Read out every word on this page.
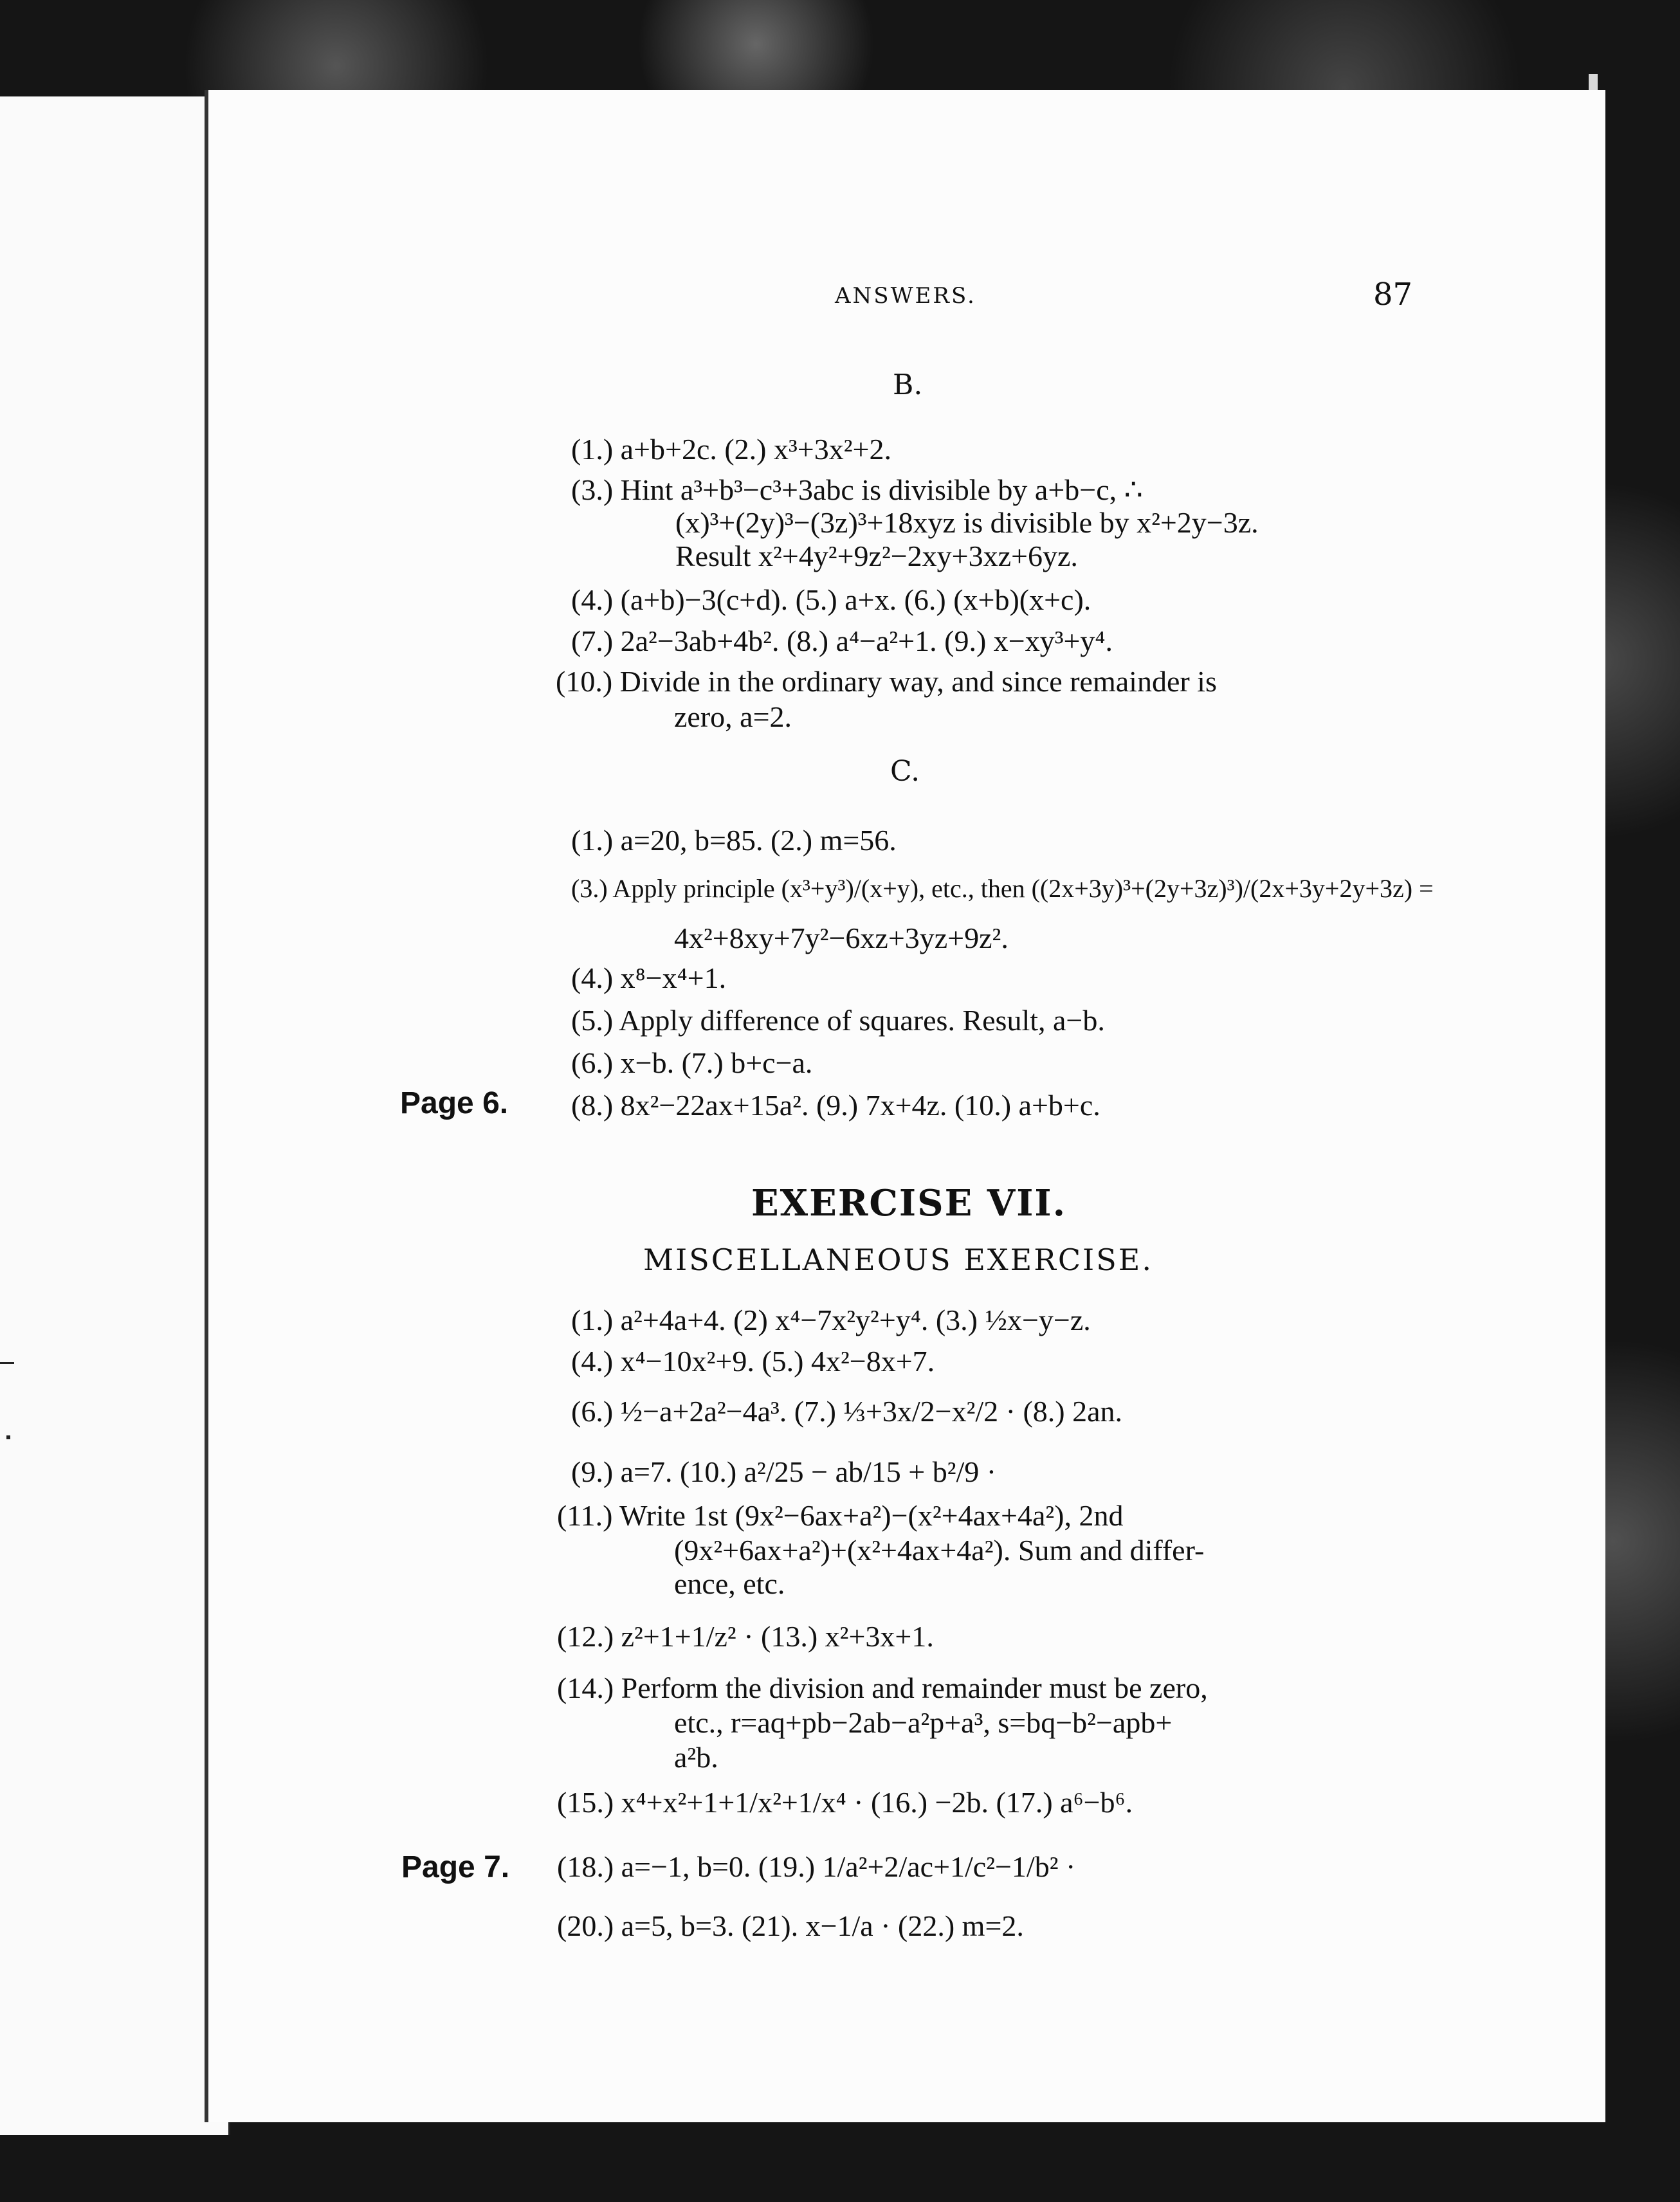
ANSWERS.	87
B.
(1.) a+b+2c. (2.) x³+3x²+2.
(3.) Hint a³+b³−c³+3abc is divisible by a+b−c, ∴
(x)³+(2y)³−(3z)³+18xyz is divisible by x²+2y−3z.
Result x²+4y²+9z²−2xy+3xz+6yz.
(4.) (a+b)−3(c+d). (5.) a+x. (6.) (x+b)(x+c).
(7.) 2a²−3ab+4b². (8.) a⁴−a²+1. (9.) x−xy³+y⁴.
(10.) Divide in the ordinary way, and since remainder is
zero, a=2.
C.
(1.) a=20, b=85. (2.) m=56.
(3.) Apply principle (x³+y³)/(x+y), etc., then ((2x+3y)³+(2y+3z)³)/(2x+3y+2y+3z) =
4x²+8xy+7y²−6xz+3yz+9z².
(4.) x⁸−x⁴+1.
(5.) Apply difference of squares. Result, a−b.
(6.) x−b. (7.) b+c−a.
Page 6. (8.) 8x²−22ax+15a². (9.) 7x+4z. (10.) a+b+c.
EXERCISE VII.
MISCELLANEOUS EXERCISE.
(1.) a²+4a+4. (2) x⁴−7x²y²+y⁴. (3.) ½x−y−z.
(4.) x⁴−10x²+9. (5.) 4x²−8x+7.
(6.) ½−a+2a²−4a³. (7.) ⅓+3x/2−x²/2 · (8.) 2an.
(9.) a=7. (10.) a²/25 − ab/15 + b²/9 ·
(11.) Write 1st (9x²−6ax+a²)−(x²+4ax+4a²), 2nd
(9x²+6ax+a²)+(x²+4ax+4a²). Sum and differ-
ence, etc.
(12.) z²+1+1/z² · (13.) x²+3x+1.
(14.) Perform the division and remainder must be zero,
etc., r=aq+pb−2ab−a²p+a³, s=bq−b²−apb+
a²b.
(15.) x⁴+x²+1+1/x²+1/x⁴ · (16.) −2b. (17.) a⁶−b⁶.
Page 7. (18.) a=−1, b=0. (19.) 1/a²+2/ac+1/c²−1/b² ·
(20.) a=5, b=3. (21). x−1/a · (22.) m=2.
